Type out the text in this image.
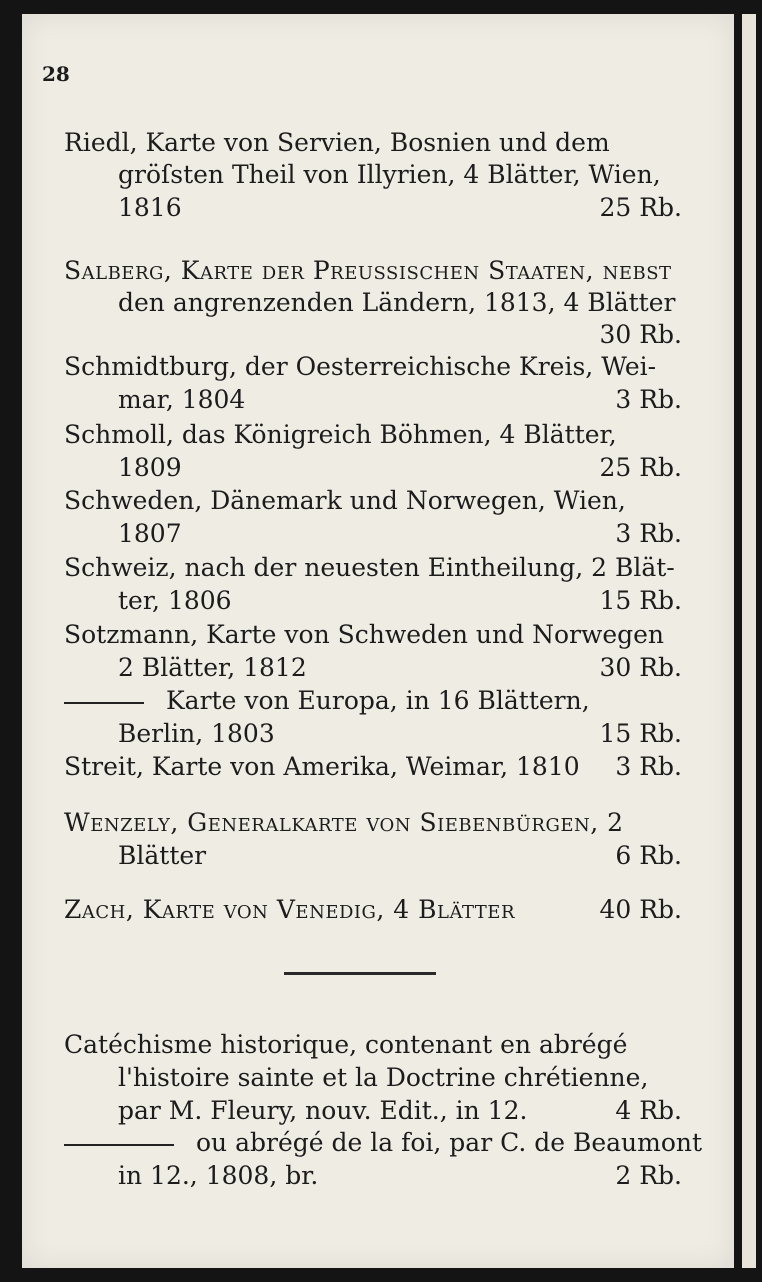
28
Riedl, Karte von Servien, Bosnien und dem
gröſsten Theil von Illyrien, 4 Blätter, Wien,
1816	25 Rb.
Salberg, Karte der Preussischen Staaten, nebst
den angrenzenden Ländern, 1813, 4 Blätter
30 Rb.
Schmidtburg, der Oesterreichische Kreis, Wei-
mar, 1804	3 Rb.
Schmoll, das Königreich Böhmen, 4 Blätter,
1809	25 Rb.
Schweden, Dänemark und Norwegen, Wien,
1807	3 Rb.
Schweiz, nach der neuesten Eintheilung, 2 Blät-
ter, 1806	15 Rb.
Sotzmann, Karte von Schweden und Norwegen
2 Blätter, 1812	30 Rb.
Karte von Europa, in 16 Blättern,
Berlin, 1803	15 Rb.
Streit, Karte von Amerika, Weimar, 1810 3 Rb.
Wenzely, Generalkarte von Siebenbürgen, 2
Blätter	6 Rb.
Zach, Karte von Venedig, 4 Blätter	40 Rb.
Catéchisme historique, contenant en abrégé
l'histoire sainte et la Doctrine chrétienne,
par M. Fleury, nouv. Edit., in 12.	4 Rb.
ou abrégé de la foi, par C. de Beaumont
in 12., 1808, br.	2 Rb.
